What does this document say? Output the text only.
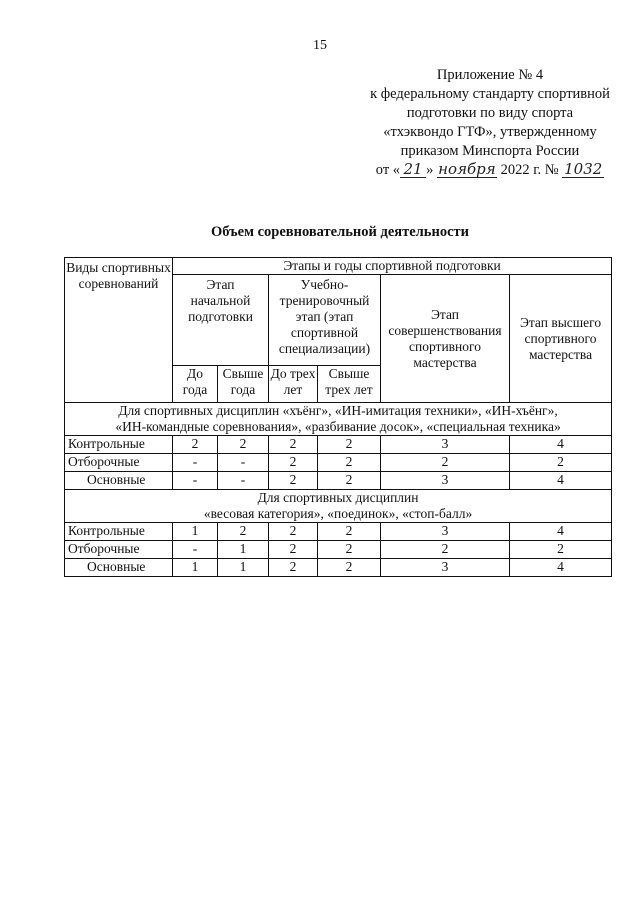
15
Приложение № 4
к федеральному стандарту спортивной
подготовки по виду спорта
«тхэквондо ГТФ», утвержденному
приказом Минспорта России
от « 21 » ноября 2022 г. № 1032
Объем соревновательной деятельности
Виды спортивных соревнований	Этапы и годы спортивной подготовки					
	Этап начальной подготовки		Учебно-тренировочный этап (этап спортивной специализации)		Этап совершенствования спортивного мастерства	Этап высшего спортивного мастерства
	До года	Свыше года	До трех лет	Свыше трех лет		

Для спортивных дисциплин «хъёнг», «ИН-имитация техники», «ИН-хъёнг»,
«ИН-командные соревнования», «разбивание досок», «специальная техника»						

Контрольные	2	2	2	2	3	4
Отборочные	-	-	2	2	2	2
Основные	-	-	2	2	3	4

Для спортивных дисциплин
«весовая категория», «поединок», «стоп-балл»						

Контрольные	1	2	2	2	3	4
Отборочные	-	1	2	2	2	2
Основные	1	1	2	2	3	4
